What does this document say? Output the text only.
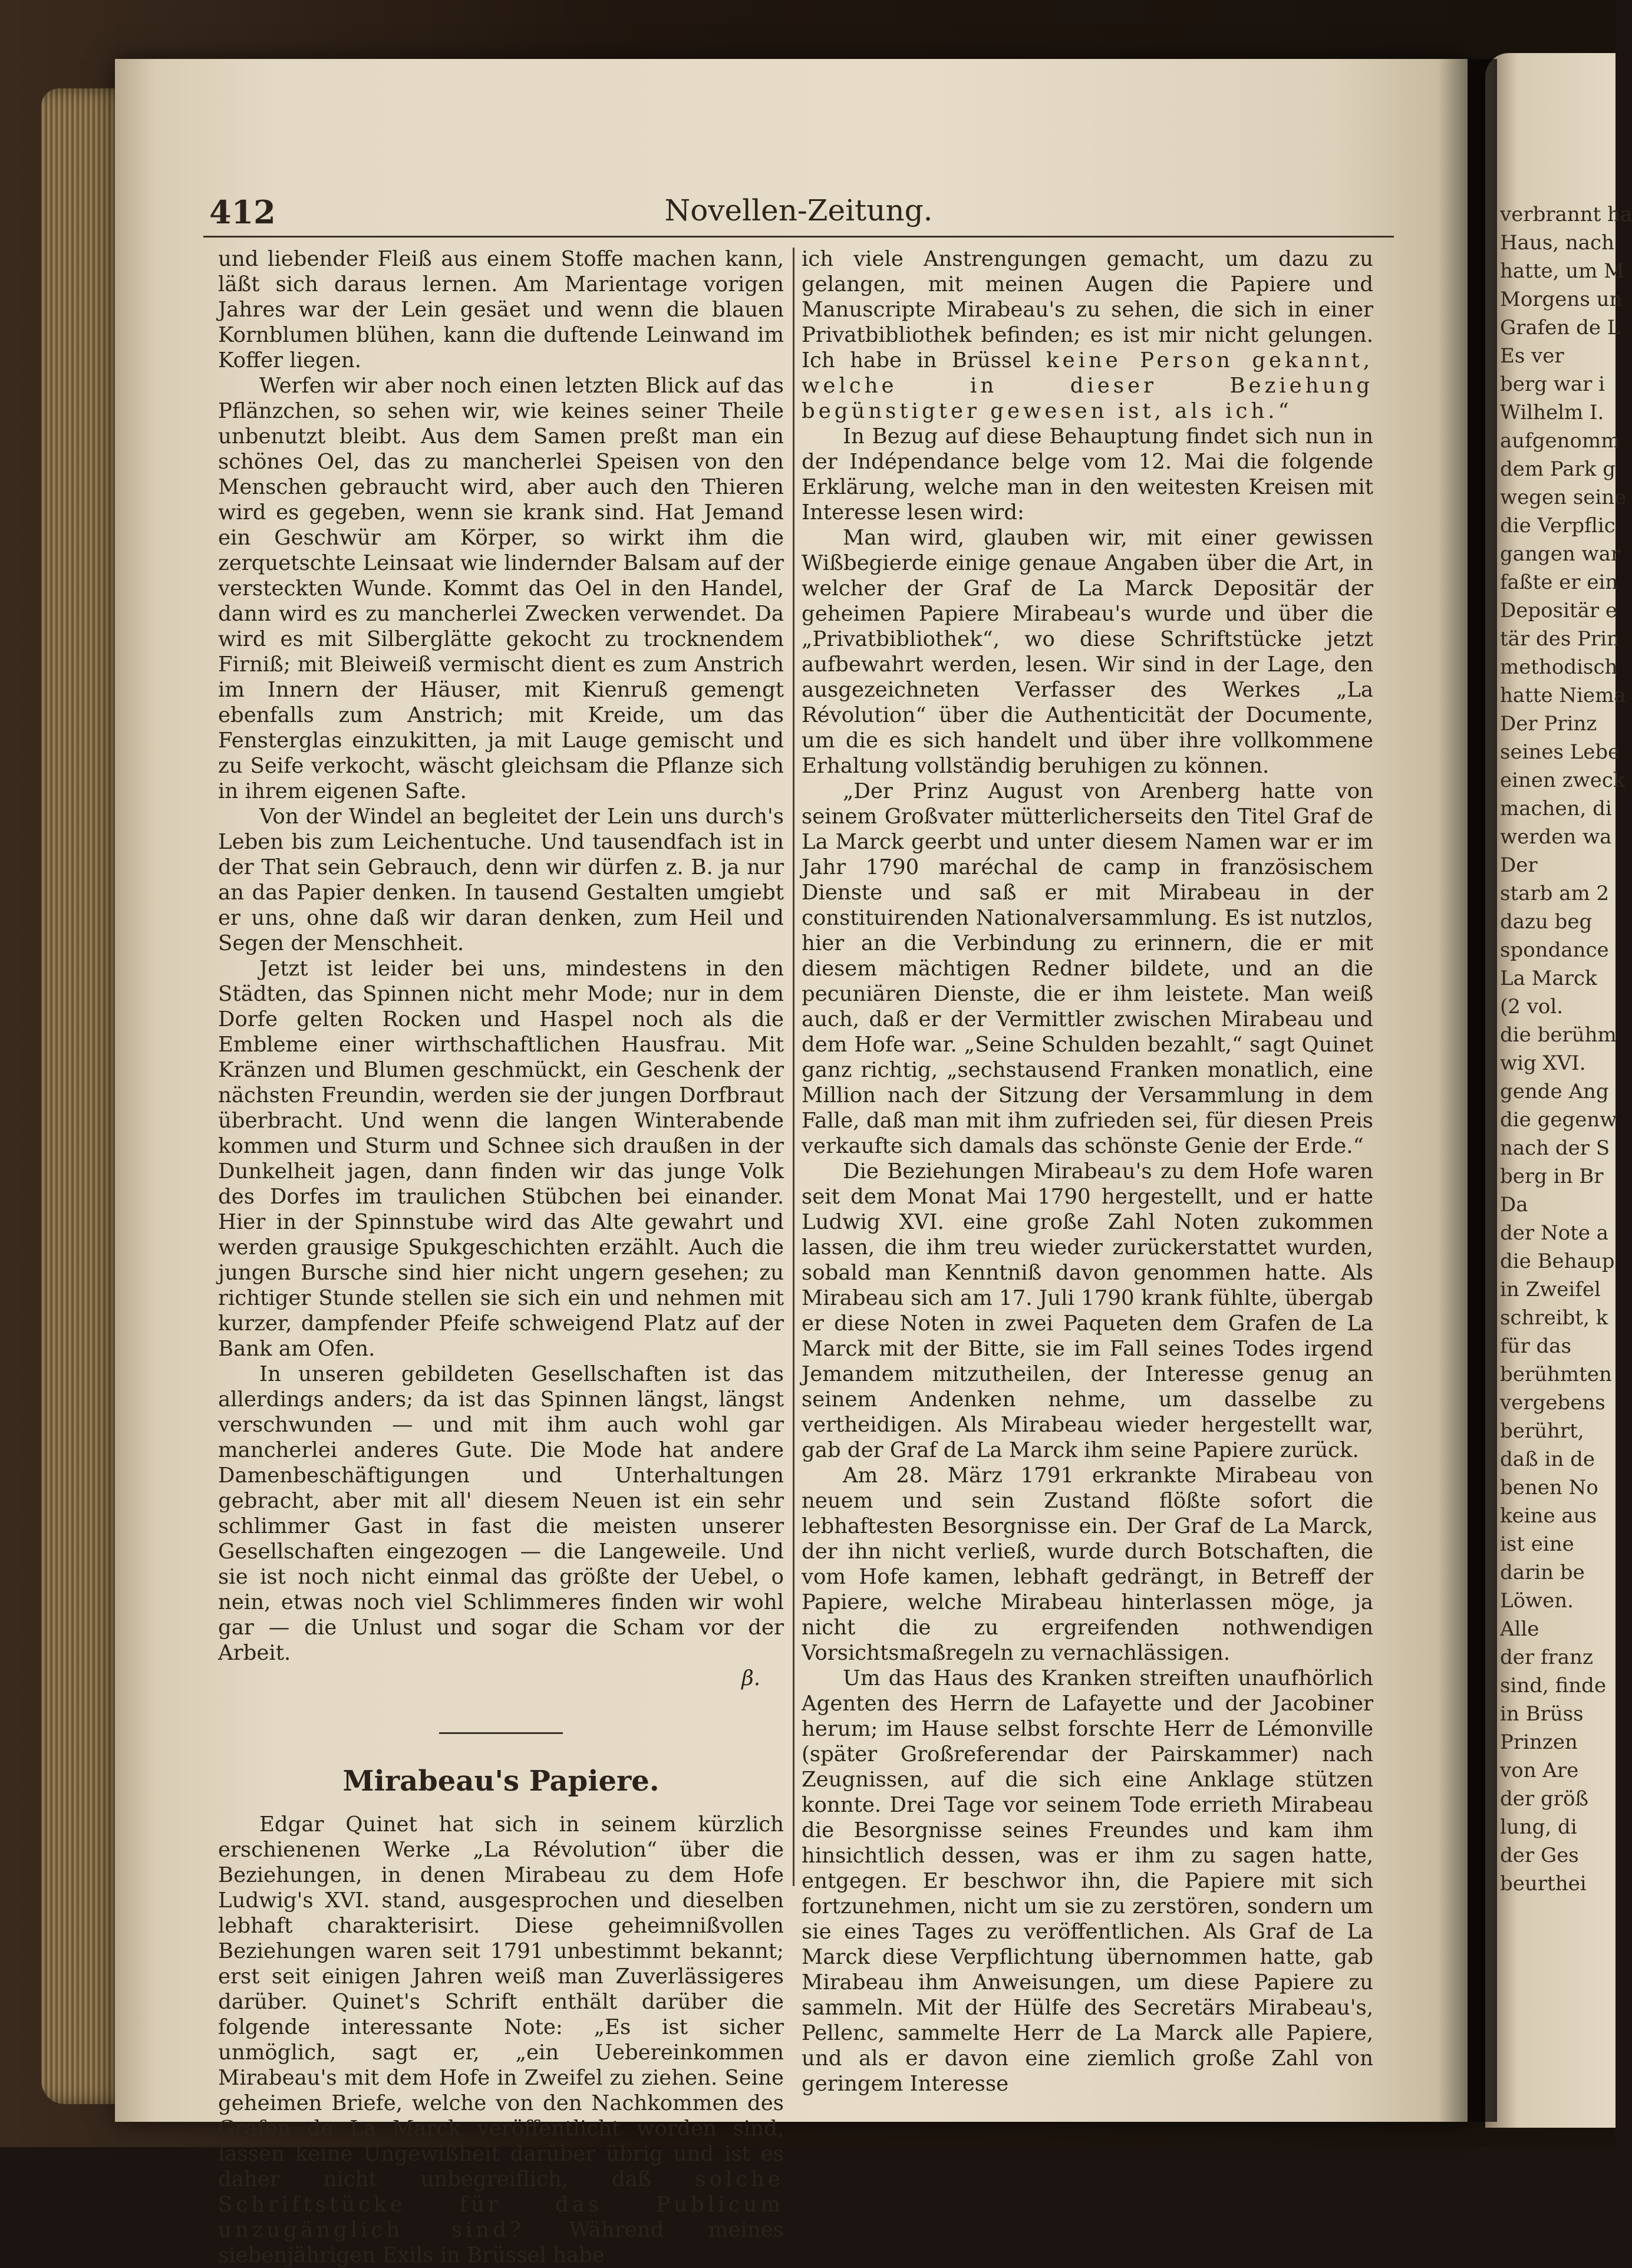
412	Novellen-Zeitung.

und liebender Fleiß aus einem Stoffe machen kann, läßt sich daraus lernen. Am Marientage vorigen Jahres war der Lein gesäet und wenn die blauen Kornblumen blühen, kann die duftende Leinwand im Koffer liegen.

Werfen wir aber noch einen letzten Blick auf das Pflänzchen, so sehen wir, wie keines seiner Theile unbenutzt bleibt. Aus dem Samen preßt man ein schönes Oel, das zu mancherlei Speisen von den Menschen gebraucht wird, aber auch den Thieren wird es gegeben, wenn sie krank sind. Hat Jemand ein Geschwür am Körper, so wirkt ihm die zerquetschte Leinsaat wie lindernder Balsam auf der versteckten Wunde. Kommt das Oel in den Handel, dann wird es zu mancherlei Zwecken verwendet. Da wird es mit Silberglätte gekocht zu trocknendem Firniß; mit Bleiweiß vermischt dient es zum Anstrich im Innern der Häuser, mit Kienruß gemengt ebenfalls zum Anstrich; mit Kreide, um das Fensterglas einzukitten, ja mit Lauge gemischt und zu Seife verkocht, wäscht gleichsam die Pflanze sich in ihrem eigenen Safte.

Von der Windel an begleitet der Lein uns durch's Leben bis zum Leichentuche. Und tausendfach ist in der That sein Gebrauch, denn wir dürfen z. B. ja nur an das Papier denken. In tausend Gestalten umgiebt er uns, ohne daß wir daran denken, zum Heil und Segen der Menschheit.

Jetzt ist leider bei uns, mindestens in den Städten, das Spinnen nicht mehr Mode; nur in dem Dorfe gelten Rocken und Haspel noch als die Embleme einer wirthschaftlichen Hausfrau. Mit Kränzen und Blumen geschmückt, ein Geschenk der nächsten Freundin, werden sie der jungen Dorfbraut überbracht. Und wenn die langen Winterabende kommen und Sturm und Schnee sich draußen in der Dunkelheit jagen, dann finden wir das junge Volk des Dorfes im traulichen Stübchen bei einander. Hier in der Spinnstube wird das Alte gewahrt und werden grausige Spukgeschichten erzählt. Auch die jungen Bursche sind hier nicht ungern gesehen; zu richtiger Stunde stellen sie sich ein und nehmen mit kurzer, dampfender Pfeife schweigend Platz auf der Bank am Ofen.

In unseren gebildeten Gesellschaften ist das allerdings anders; da ist das Spinnen längst, längst verschwunden — und mit ihm auch wohl gar mancherlei anderes Gute. Die Mode hat andere Damenbeschäftigungen und Unterhaltungen gebracht, aber mit all' diesem Neuen ist ein sehr schlimmer Gast in fast die meisten unserer Gesellschaften eingezogen — die Langeweile. Und sie ist noch nicht einmal das größte der Uebel, o nein, etwas noch viel Schlimmeres finden wir wohl gar — die Unlust und sogar die Scham vor der Arbeit.

β.

Mirabeau's Papiere.

Edgar Quinet hat sich in seinem kürzlich erschienenen Werke „La Révolution“ über die Beziehungen, in denen Mirabeau zu dem Hofe Ludwig's XVI. stand, ausgesprochen und dieselben lebhaft charakterisirt. Diese geheimnißvollen Beziehungen waren seit 1791 unbestimmt bekannt; erst seit einigen Jahren weiß man Zuverlässigeres darüber. Quinet's Schrift enthält darüber die folgende interessante Note: „Es ist sicher unmöglich, sagt er, „ein Uebereinkommen Mirabeau's mit dem Hofe in Zweifel zu ziehen. Seine geheimen Briefe, welche von den Nachkommen des Grafen de La Marck veröffentlicht worden sind, lassen keine Ungewißheit darüber übrig und ist es daher nicht unbegreiflich, daß solche Schriftstücke für das Publicum unzugänglich sind? Während meines siebenjährigen Exils in Brüssel habe

ich viele Anstrengungen gemacht, um dazu zu gelangen, mit meinen Augen die Papiere und Manuscripte Mirabeau's zu sehen, die sich in einer Privatbibliothek befinden; es ist mir nicht gelungen. Ich habe in Brüssel keine Person gekannt, welche in dieser Beziehung begünstigter gewesen ist, als ich.“

In Bezug auf diese Behauptung findet sich nun in der Indépendance belge vom 12. Mai die folgende Erklärung, welche man in den weitesten Kreisen mit Interesse lesen wird:

Man wird, glauben wir, mit einer gewissen Wißbegierde einige genaue Angaben über die Art, in welcher der Graf de La Marck Depositär der geheimen Papiere Mirabeau's wurde und über die „Privatbibliothek“, wo diese Schriftstücke jetzt aufbewahrt werden, lesen. Wir sind in der Lage, den ausgezeichneten Verfasser des Werkes „La Révolution“ über die Authenticität der Documente, um die es sich handelt und über ihre vollkommene Erhaltung vollständig beruhigen zu können.

„Der Prinz August von Arenberg hatte von seinem Großvater mütterlicherseits den Titel Graf de La Marck geerbt und unter diesem Namen war er im Jahr 1790 maréchal de camp in französischem Dienste und saß er mit Mirabeau in der constituirenden Nationalversammlung. Es ist nutzlos, hier an die Verbindung zu erinnern, die er mit diesem mächtigen Redner bildete, und an die pecuniären Dienste, die er ihm leistete. Man weiß auch, daß er der Vermittler zwischen Mirabeau und dem Hofe war. „Seine Schulden bezahlt,“ sagt Quinet ganz richtig, „sechstausend Franken monatlich, eine Million nach der Sitzung der Versammlung in dem Falle, daß man mit ihm zufrieden sei, für diesen Preis verkaufte sich damals das schönste Genie der Erde.“

Die Beziehungen Mirabeau's zu dem Hofe waren seit dem Monat Mai 1790 hergestellt, und er hatte Ludwig XVI. eine große Zahl Noten zukommen lassen, die ihm treu wieder zurückerstattet wurden, sobald man Kenntniß davon genommen hatte. Als Mirabeau sich am 17. Juli 1790 krank fühlte, übergab er diese Noten in zwei Paqueten dem Grafen de La Marck mit der Bitte, sie im Fall seines Todes irgend Jemandem mitzutheilen, der Interesse genug an seinem Andenken nehme, um dasselbe zu vertheidigen. Als Mirabeau wieder hergestellt war, gab der Graf de La Marck ihm seine Papiere zurück.

Am 28. März 1791 erkrankte Mirabeau von neuem und sein Zustand flößte sofort die lebhaftesten Besorgnisse ein. Der Graf de La Marck, der ihn nicht verließ, wurde durch Botschaften, die vom Hofe kamen, lebhaft gedrängt, in Betreff der Papiere, welche Mirabeau hinterlassen möge, ja nicht die zu ergreifenden nothwendigen Vorsichtsmaßregeln zu vernachlässigen.

Um das Haus des Kranken streiften unaufhörlich Agenten des Herrn de Lafayette und der Jacobiner herum; im Hause selbst forschte Herr de Lémonville (später Großreferendar der Pairskammer) nach Zeugnissen, auf die sich eine Anklage stützen konnte. Drei Tage vor seinem Tode errieth Mirabeau die Besorgnisse seines Freundes und kam ihm hinsichtlich dessen, was er ihm zu sagen hatte, entgegen. Er beschwor ihn, die Papiere mit sich fortzunehmen, nicht um sie zu zerstören, sondern um sie eines Tages zu veröffentlichen. Als Graf de La Marck diese Verpflichtung übernommen hatte, gab Mirabeau ihm Anweisungen, um diese Papiere zu sammeln. Mit der Hülfe des Secretärs Mirabeau's, Pellenc, sammelte Herr de La Marck alle Papiere, und als er davon eine ziemlich große Zahl von geringem Interesse

verbrannt ha
Haus, nach
hatte, um M
Morgens un
Grafen de L
Es ver
berg war i
Wilhelm I.
aufgenomm
dem Park g
wegen seine
die Verpflic
gangen war
faßte er ein
Depositär e
tär des Prin
methodisch
hatte Niema
Der Prinz
seines Lebe
einen zweck
machen, di
werden wa
Der
starb am 2
dazu beg
spondance
La Marck
(2 vol.
die berühm
wig XVI.
gende Ang
die gegenw
nach der S
berg in Br
Da
der Note a
die Behaup
in Zweifel
schreibt, k
für das
berühmten
vergebens
berührt,
daß in de
benen No
keine aus
ist eine
darin be
Löwen.
Alle
der franz
sind, finde
in Brüss
Prinzen
von Are
der größ
lung, di
der Ges
beurthei
